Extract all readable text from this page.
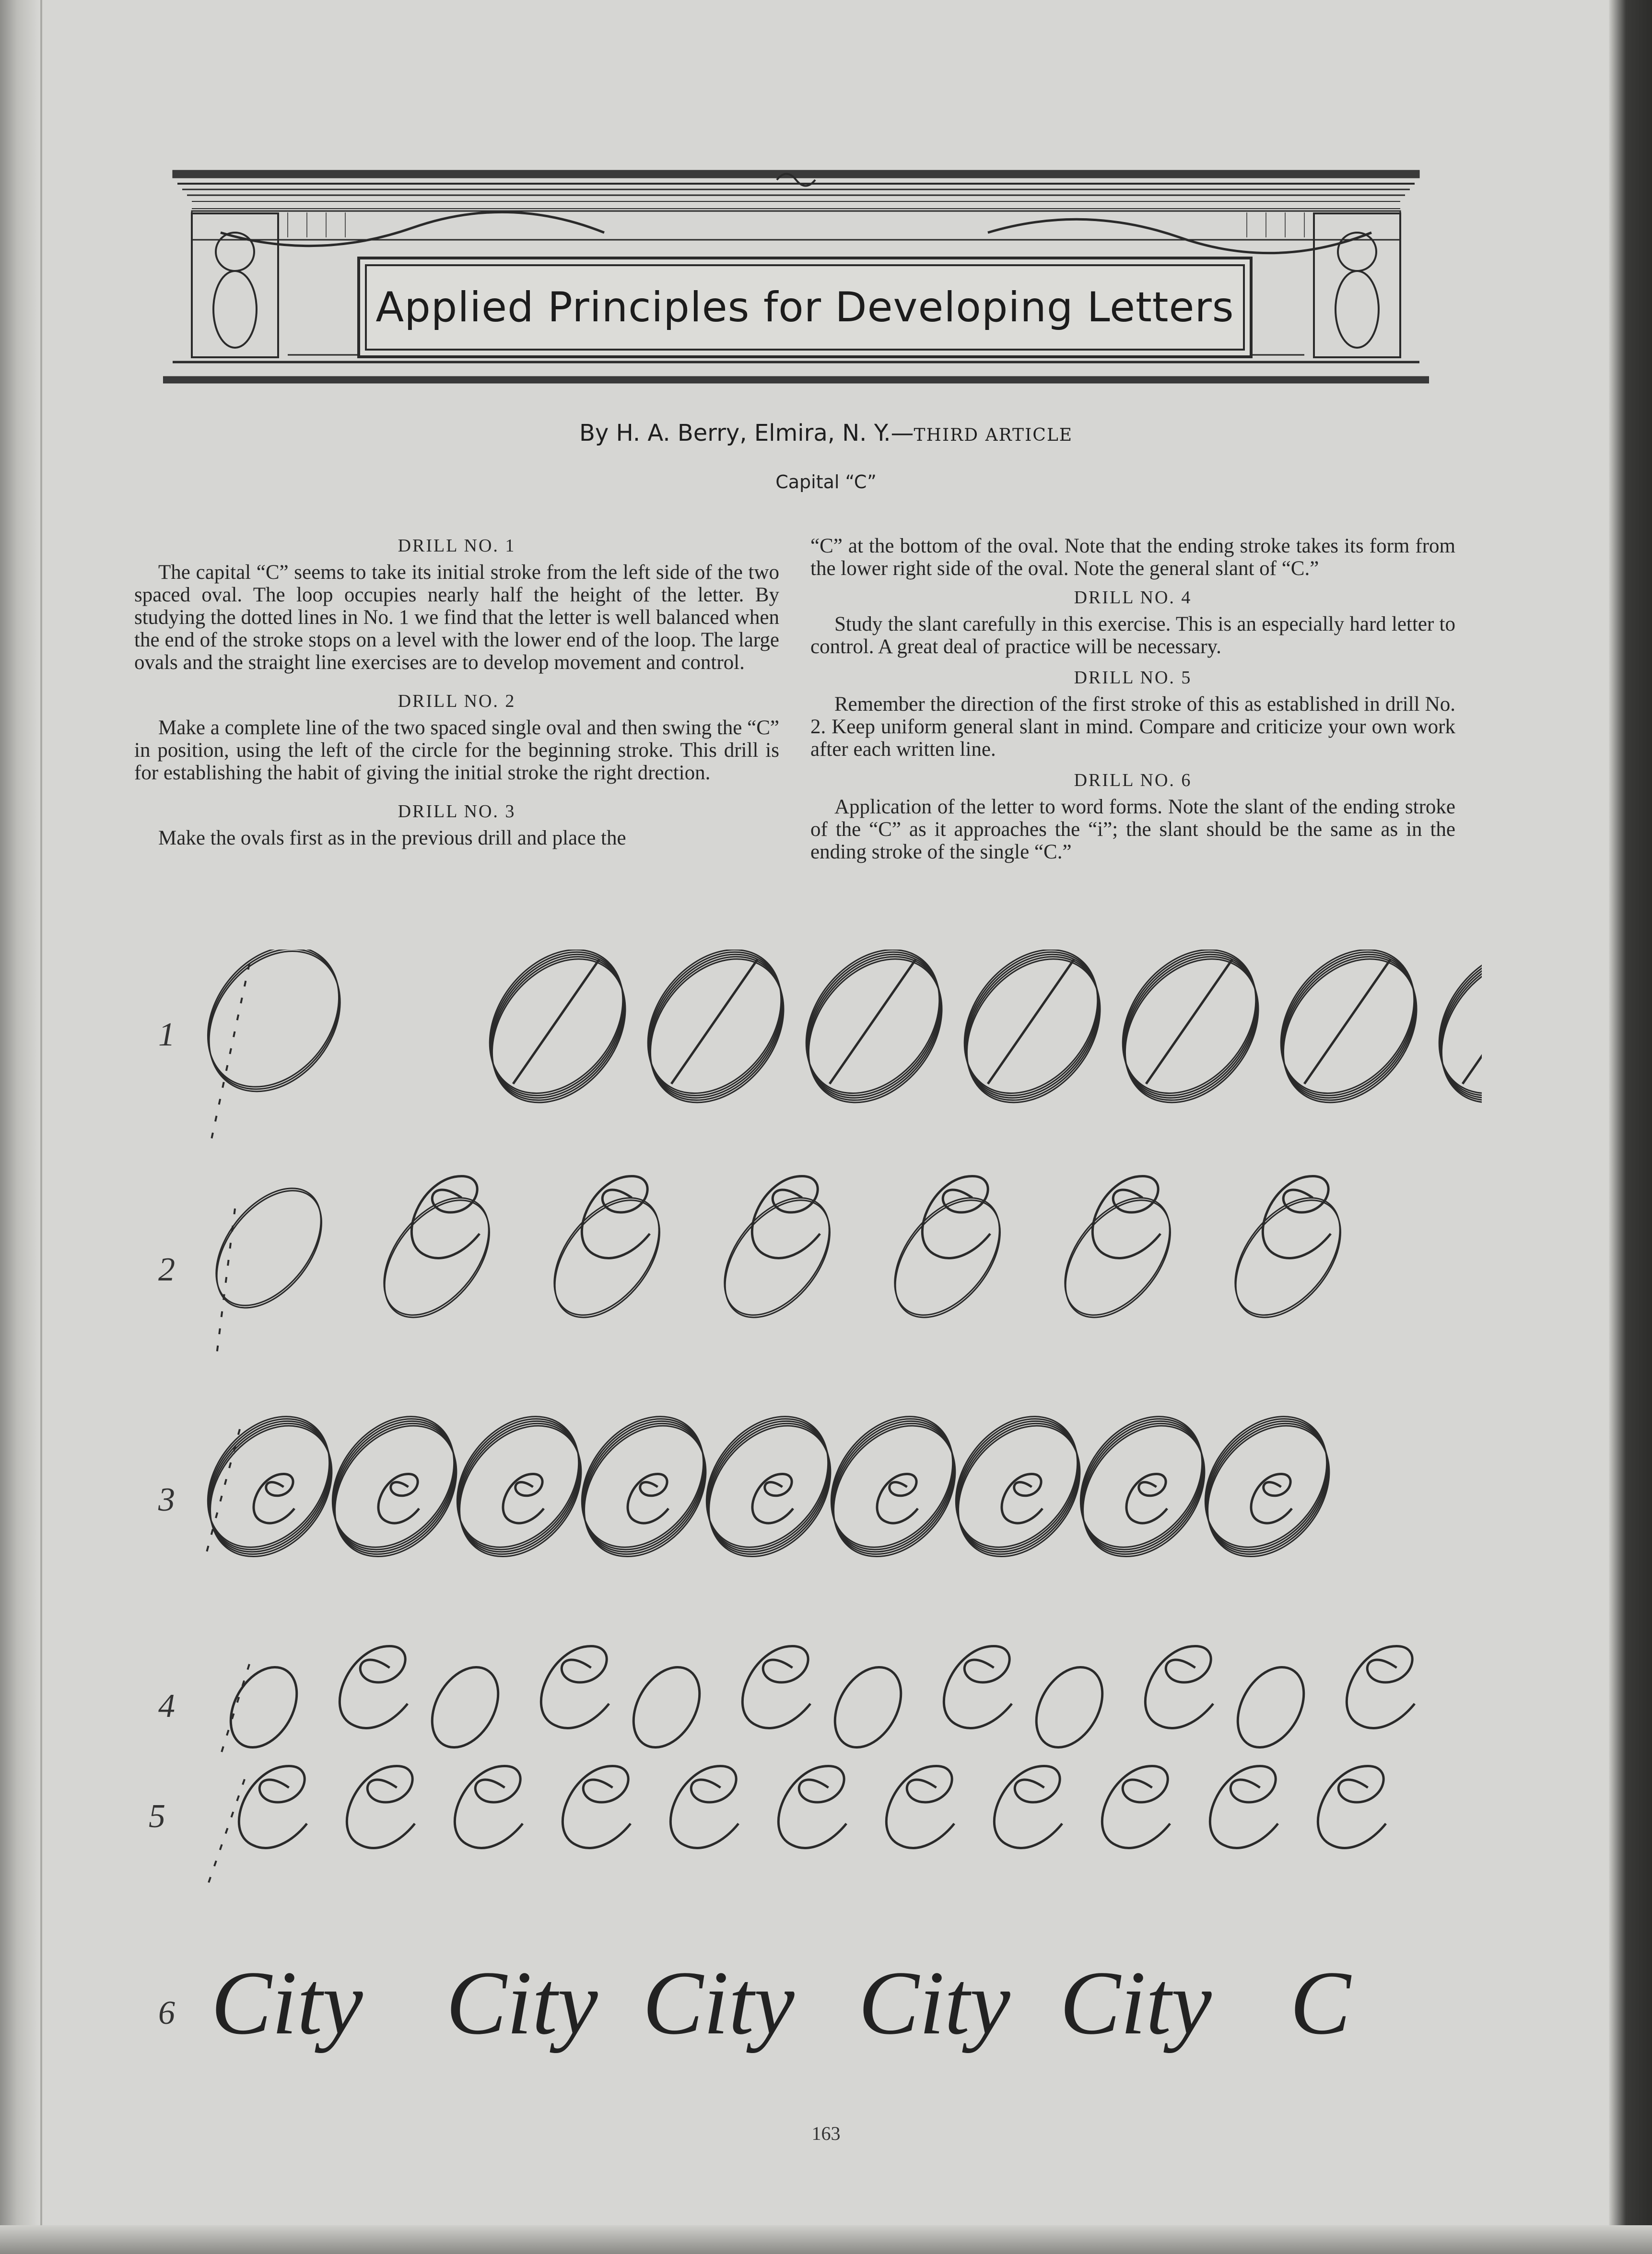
Applied Principles for Developing Letters
By H. A. Berry, Elmira, N. Y.—THIRD ARTICLE
Capital “C”
DRILL NO. 1

The capital “C” seems to take its initial stroke from the left side of the two spaced oval. The loop occupies nearly half the height of the letter. By studying the dotted lines in No. 1 we find that the letter is well balanced when the end of the stroke stops on a level with the lower end of the loop. The large ovals and the straight line exercises are to develop movement and control.

DRILL NO. 2

Make a complete line of the two spaced single oval and then swing the “C” in position, using the left of the circle for the beginning stroke. This drill is for establishing the habit of giving the initial stroke the right drection.

DRILL NO. 3

Make the ovals first as in the previous drill and place the

“C” at the bottom of the oval. Note that the ending stroke takes its form from the lower right side of the oval. Note the general slant of “C.”

DRILL NO. 4

Study the slant carefully in this exercise. This is an especially hard letter to control. A great deal of practice will be necessary.

DRILL NO. 5

Remember the direction of the first stroke of this as established in drill No. 2. Keep uniform general slant in mind. Compare and criticize your own work after each written line.

DRILL NO. 6

Application of the letter to word forms. Note the slant of the ending stroke of the “C” as it approaches the “i”; the slant should be the same as in the ending stroke of the single “C.”

1
2
3
4
5
6 City City City City City C
163
